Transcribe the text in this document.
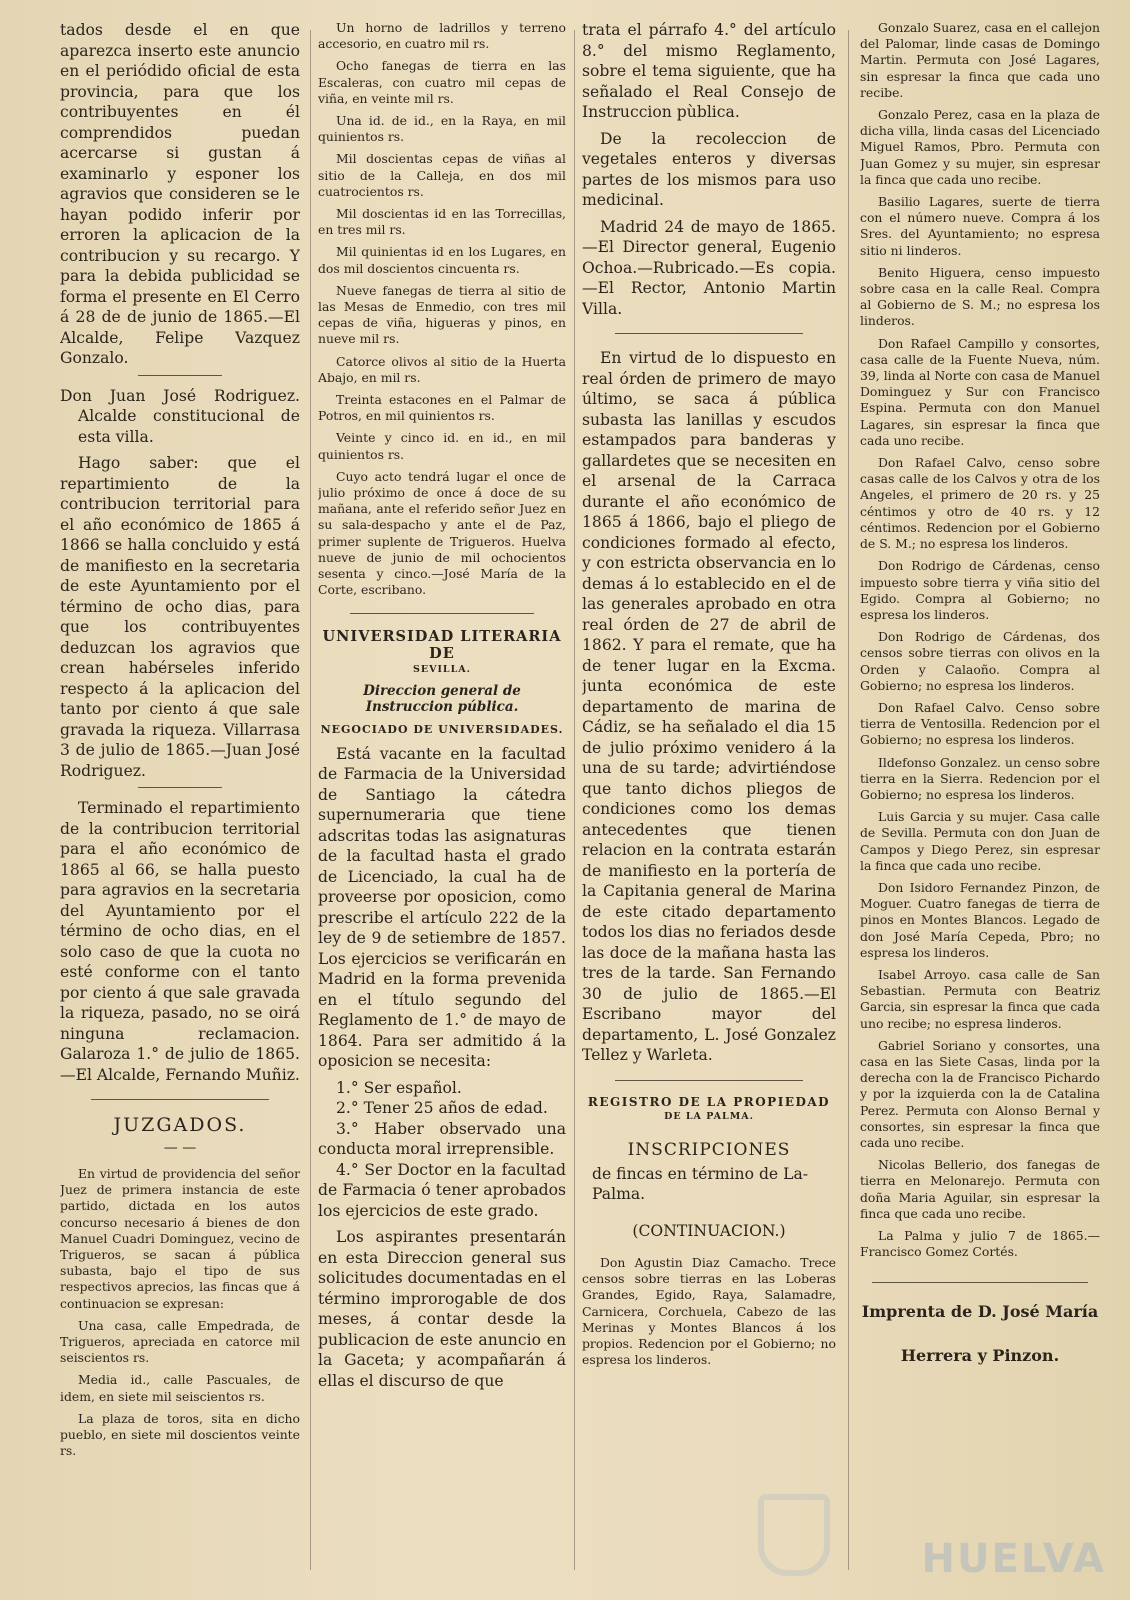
tados desde el en que aparezca inserto este anuncio en el periódido oficial de esta provincia, para que los contribuyentes en él comprendidos puedan acercarse si gustan á examinarlo y esponer los agravios que consideren se le hayan podido inferir por erroren la aplicacion de la contribucion y su recargo. Y para la debida publicidad se forma el presente en El Cerro á 28 de de junio de 1865.—El Alcalde, Felipe Vazquez Gonzalo.

Don Juan José Rodriguez. Alcalde constitucional de esta villa.

Hago saber: que el repartimiento de la contribucion territorial para el año económico de 1865 á 1866 se halla concluido y está de manifiesto en la secretaria de este Ayuntamiento por el término de ocho dias, para que los contribuyentes deduzcan los agravios que crean habérseles inferido respecto á la aplicacion del tanto por ciento á que sale gravada la riqueza. Villarrasa 3 de julio de 1865.—Juan José Rodriguez.

Terminado el repartimiento de la contribucion territorial para el año económico de 1865 al 66, se halla puesto para agravios en la secretaria del Ayuntamiento por el término de ocho dias, en el solo caso de que la cuota no esté conforme con el tanto por ciento á que sale gravada la riqueza, pasado, no se oirá ninguna reclamacion. Galaroza 1.° de julio de 1865.—El Alcalde, Fernando Muñiz.

JUZGADOS.
— —

En virtud de providencia del señor Juez de primera instancia de este partido, dictada en los autos concurso necesario á bienes de don Manuel Cuadri Dominguez, vecino de Trigueros, se sacan á pública subasta, bajo el tipo de sus respectivos aprecios, las fincas que á continuacion se expresan:

Una casa, calle Empedrada, de Trigueros, apreciada en catorce mil seiscientos rs.

Media id., calle Pascuales, de idem, en siete mil seiscientos rs.

La plaza de toros, sita en dicho pueblo, en siete mil doscientos veinte rs.

Un horno de ladrillos y terreno accesorio, en cuatro mil rs.

Ocho fanegas de tierra en las Escaleras, con cuatro mil cepas de viña, en veinte mil rs.

Una id. de id., en la Raya, en mil quinientos rs.

Mil doscientas cepas de viñas al sitio de la Calleja, en dos mil cuatrocientos rs.

Mil doscientas id en las Torrecillas, en tres mil rs.

Mil quinientas id en los Lugares, en dos mil doscientos cincuenta rs.

Nueve fanegas de tierra al sitio de las Mesas de Enmedio, con tres mil cepas de viña, higueras y pinos, en nueve mil rs.

Catorce olivos al sitio de la Huerta Abajo, en mil rs.

Treinta estacones en el Palmar de Potros, en mil quinientos rs.

Veinte y cinco id. en id., en mil quinientos rs.

Cuyo acto tendrá lugar el once de julio próximo de once á doce de su mañana, ante el referido señor Juez en su sala-despacho y ante el de Paz, primer suplente de Trigueros. Huelva nueve de junio de mil ochocientos sesenta y cinco.—José María de la Corte, escribano.

UNIVERSIDAD LITERARIA DE
SEVILLA.
Direccion general de Instruccion pública.
NEGOCIADO DE UNIVERSIDADES.

Está vacante en la facultad de Farmacia de la Universidad de Santiago la cátedra supernumeraria que tiene adscritas todas las asignaturas de la facultad hasta el grado de Licenciado, la cual ha de proveerse por oposicion, como prescribe el artículo 222 de la ley de 9 de setiembre de 1857. Los ejercicios se verificarán en Madrid en la forma prevenida en el título segundo del Reglamento de 1.° de mayo de 1864. Para ser admitido á la oposicion se necesita:

1.° Ser español.

2.° Tener 25 años de edad.

3.° Haber observado una conducta moral irreprensible.

4.° Ser Doctor en la facultad de Farmacia ó tener aprobados los ejercicios de este grado.

Los aspirantes presentarán en esta Direccion general sus solicitudes documentadas en el término improrogable de dos meses, á contar desde la publicacion de este anuncio en la Gaceta; y acompañarán á ellas el discurso de que

trata el párrafo 4.° del artículo 8.° del mismo Reglamento, sobre el tema siguiente, que ha señalado el Real Consejo de Instruccion pùblica.

De la recoleccion de vegetales enteros y diversas partes de los mismos para uso medicinal.

Madrid 24 de mayo de 1865.—El Director general, Eugenio Ochoa.—Rubricado.—Es copia.—El Rector, Antonio Martin Villa.

En virtud de lo dispuesto en real órden de primero de mayo último, se saca á pública subasta las lanillas y escudos estampados para banderas y gallardetes que se necesiten en el arsenal de la Carraca durante el año económico de 1865 á 1866, bajo el pliego de condiciones formado al efecto, y con estricta observancia en lo demas á lo establecido en el de las generales aprobado en otra real órden de 27 de abril de 1862. Y para el remate, que ha de tener lugar en la Excma. junta económica de este departamento de marina de Cádiz, se ha señalado el dia 15 de julio próximo venidero á la una de su tarde; advirtiéndose que tanto dichos pliegos de condiciones como los demas antecedentes que tienen relacion en la contrata estarán de manifiesto en la portería de la Capitania general de Marina de este citado departamento todos los dias no feriados desde las doce de la mañana hasta las tres de la tarde. San Fernando 30 de julio de 1865.—El Escribano mayor del departamento, L. José Gonzalez Tellez y Warleta.

REGISTRO DE LA PROPIEDAD
DE LA PALMA.
INSCRIPCIONES

de fincas en término de La-Palma.

(CONTINUACION.)

Don Agustin Diaz Camacho. Trece censos sobre tierras en las Loberas Grandes, Egido, Raya, Salamadre, Carnicera, Corchuela, Cabezo de las Merinas y Montes Blancos á los propios. Redencion por el Gobierno; no espresa los linderos.

Gonzalo Suarez, casa en el callejon del Palomar, linde casas de Domingo Martin. Permuta con José Lagares, sin espresar la finca que cada uno recibe.

Gonzalo Perez, casa en la plaza de dicha villa, linda casas del Licenciado Miguel Ramos, Pbro. Permuta con Juan Gomez y su mujer, sin espresar la finca que cada uno recibe.

Basilio Lagares, suerte de tierra con el número nueve. Compra á los Sres. del Ayuntamiento; no espresa sitio ni linderos.

Benito Higuera, censo impuesto sobre casa en la calle Real. Compra al Gobierno de S. M.; no espresa los linderos.

Don Rafael Campillo y consortes, casa calle de la Fuente Nueva, núm. 39, linda al Norte con casa de Manuel Dominguez y Sur con Francisco Espina. Permuta con don Manuel Lagares, sin espresar la finca que cada uno recibe.

Don Rafael Calvo, censo sobre casas calle de los Calvos y otra de los Angeles, el primero de 20 rs. y 25 céntimos y otro de 40 rs. y 12 céntimos. Redencion por el Gobierno de S. M.; no espresa los linderos.

Don Rodrigo de Cárdenas, censo impuesto sobre tierra y viña sitio del Egido. Compra al Gobierno; no espresa los linderos.

Don Rodrigo de Cárdenas, dos censos sobre tierras con olivos en la Orden y Calaoño. Compra al Gobierno; no espresa los linderos.

Don Rafael Calvo. Censo sobre tierra de Ventosilla. Redencion por el Gobierno; no espresa los linderos.

Ildefonso Gonzalez. un censo sobre tierra en la Sierra. Redencion por el Gobierno; no espresa los linderos.

Luis Garcia y su mujer. Casa calle de Sevilla. Permuta con don Juan de Campos y Diego Perez, sin espresar la finca que cada uno recibe.

Don Isidoro Fernandez Pinzon, de Moguer. Cuatro fanegas de tierra de pinos en Montes Blancos. Legado de don José María Cepeda, Pbro; no espresa los linderos.

Isabel Arroyo. casa calle de San Sebastian. Permuta con Beatriz Garcia, sin espresar la finca que cada uno recibe; no espresa linderos.

Gabriel Soriano y consortes, una casa en las Siete Casas, linda por la derecha con la de Francisco Pichardo y por la izquierda con la de Catalina Perez. Permuta con Alonso Bernal y consortes, sin espresar la finca que cada uno recibe.

Nicolas Bellerio, dos fanegas de tierra en Melonarejo. Permuta con doña Maria Aguilar, sin espresar la finca que cada uno recibe.

La Palma y julio 7 de 1865.—Francisco Gomez Cortés.

Imprenta de D. José María
Herrera y Pinzon.
HUELVA
